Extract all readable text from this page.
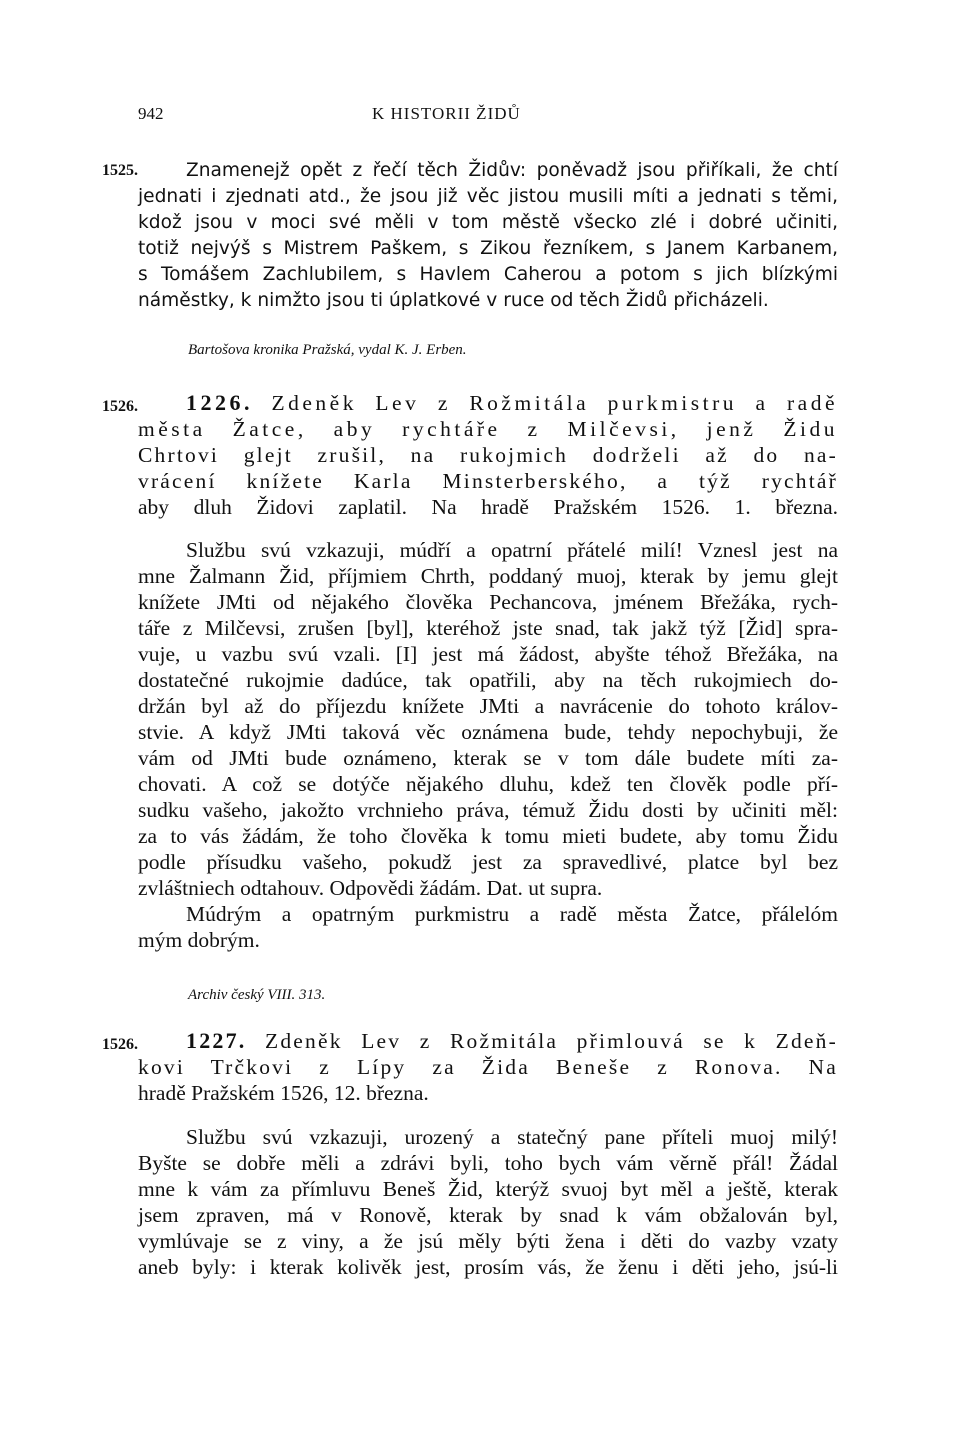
942	K HISTORII ŽIDŮ
1525.	Znamenejž opět z řečí těch Židův: poněvadž jsou přiříkali, že chtí
jednati i zjednati atd., že jsou již věc jistou musili míti a jednati s těmi,
kdož jsou v moci své měli v tom městě všecko zlé i dobré učiniti,
totiž nejvýš s Mistrem Paškem, s Zikou řezníkem, s Janem Karbanem,
s Tomášem Zachlubilem, s Havlem Caherou a potom s jich blízkými
náměstky, k nimžto jsou ti úplatkové v ruce od těch Židů přicházeli.
Bartošova kronika Pražská, vydal K. J. Erben.
1526.	1226. Zdeněk Lev z Rožmitála purkmistru a radě
města Žatce, aby rychtáře z Milčevsi, jenž Židu
Chrtovi glejt zrušil, na rukojmich dodrželi až do na-
vrácení knížete Karla Minsterberského, a týž rychtář
aby dluh Židovi zaplatil. Na hradě Pražském 1526. 1. března.
Službu svú vzkazuji, múdří a opatrní přátelé milí! Vznesl jest na
mne Žalmann Žid, příjmiem Chrth, poddaný muoj, kterak by jemu glejt
knížete JMti od nějakého člověka Pechancova, jménem Břežáka, rych-
táře z Milčevsi, zrušen [byl], kteréhož jste snad, tak jakž týž [Žid] spra-
vuje, u vazbu svú vzali. [I] jest má žádost, abyšte téhož Břežáka, na
dostatečné rukojmie dadúce, tak opatřili, aby na těch rukojmiech do-
držán byl až do příjezdu knížete JMti a navrácenie do tohoto králov-
stvie. A když JMti taková věc oznámena bude, tehdy nepochybuji, že
vám od JMti bude oznámeno, kterak se v tom dále budete míti za-
chovati. A což se dotýče nějakého dluhu, kdež ten člověk podle pří-
sudku vašeho, jakožto vrchnieho práva, témuž Židu dosti by učiniti měl:
za to vás žádám, že toho člověka k tomu mieti budete, aby tomu Židu
podle přísudku vašeho, pokudž jest za spravedlivé, platce byl bez
zvláštniech odtahouv. Odpovědi žádám. Dat. ut supra.
Múdrým a opatrným purkmistru a radě města Žatce, přálelóm
mým dobrým.
Archiv český VIII. 313.
1526.	1227. Zdeněk Lev z Rožmitála přimlouvá se k Zdeň-
kovi Trčkovi z Lípy za Žida Beneše z Ronova. Na
hradě Pražském 1526, 12. března.
Službu svú vzkazuji, urozený a statečný pane příteli muoj milý!
Byšte se dobře měli a zdrávi byli, toho bych vám věrně přál! Žádal
mne k vám za přímluvu Beneš Žid, kterýž svuoj byt měl a ještě, kterak
jsem zpraven, má v Ronově, kterak by snad k vám obžalován byl,
vymlúvaje se z viny, a že jsú měly býti žena i děti do vazby vzaty
aneb byly: i kterak kolivěk jest, prosím vás, že ženu i děti jeho, jsú-li
